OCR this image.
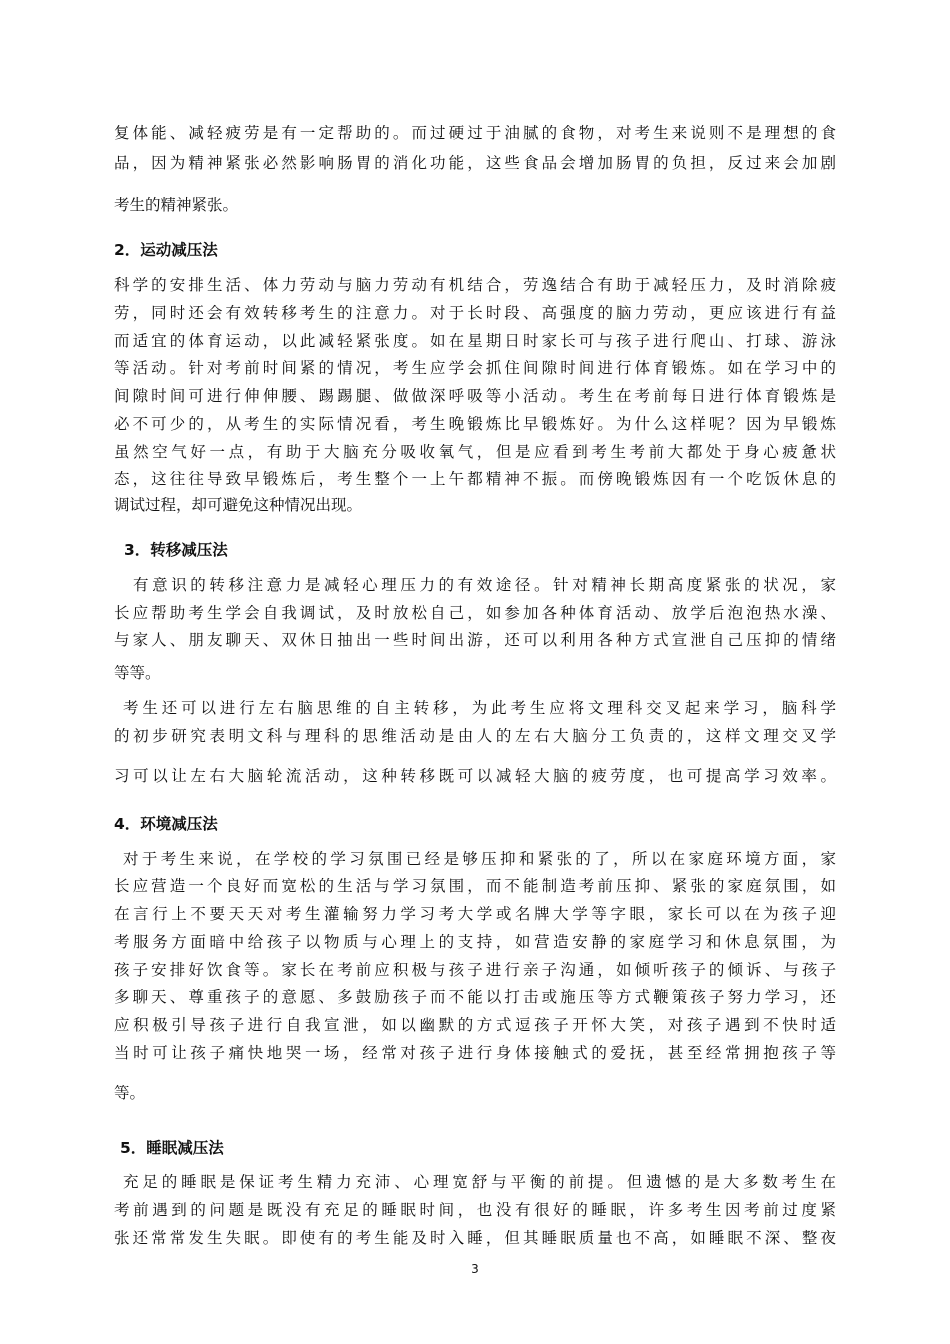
复体能、减轻疲劳是有一定帮助的。而过硬过于油腻的食物，对考生来说则不是理想的食
品，因为精神紧张必然影响肠胃的消化功能，这些食品会增加肠胃的负担，反过来会加剧
考生的精神紧张。
2．运动减压法
科学的安排生活、体力劳动与脑力劳动有机结合，劳逸结合有助于减轻压力，及时消除疲
劳，同时还会有效转移考生的注意力。对于长时段、高强度的脑力劳动，更应该进行有益
而适宜的体育运动，以此减轻紧张度。如在星期日时家长可与孩子进行爬山、打球、游泳
等活动。针对考前时间紧的情况，考生应学会抓住间隙时间进行体育锻炼。如在学习中的
间隙时间可进行伸伸腰、踢踢腿、做做深呼吸等小活动。考生在考前每日进行体育锻炼是
必不可少的，从考生的实际情况看，考生晚锻炼比早锻炼好。为什么这样呢？因为早锻炼
虽然空气好一点，有助于大脑充分吸收氧气，但是应看到考生考前大都处于身心疲惫状
态，这往往导致早锻炼后，考生整个一上午都精神不振。而傍晚锻炼因有一个吃饭休息的
调试过程，却可避免这种情况出现。
3．转移减压法
有意识的转移注意力是减轻心理压力的有效途径。针对精神长期高度紧张的状况，家
长应帮助考生学会自我调试，及时放松自己，如参加各种体育活动、放学后泡泡热水澡、
与家人、朋友聊天、双休日抽出一些时间出游，还可以利用各种方式宣泄自己压抑的情绪
等等。
考生还可以进行左右脑思维的自主转移，为此考生应将文理科交叉起来学习，脑科学
的初步研究表明文科与理科的思维活动是由人的左右大脑分工负责的，这样文理交叉学
习可以让左右大脑轮流活动，这种转移既可以减轻大脑的疲劳度，也可提高学习效率。
4．环境减压法
对于考生来说，在学校的学习氛围已经是够压抑和紧张的了，所以在家庭环境方面，家
长应营造一个良好而宽松的生活与学习氛围，而不能制造考前压抑、紧张的家庭氛围，如
在言行上不要天天对考生灌输努力学习考大学或名牌大学等字眼，家长可以在为孩子迎
考服务方面暗中给孩子以物质与心理上的支持，如营造安静的家庭学习和休息氛围，为
孩子安排好饮食等。家长在考前应积极与孩子进行亲子沟通，如倾听孩子的倾诉、与孩子
多聊天、尊重孩子的意愿、多鼓励孩子而不能以打击或施压等方式鞭策孩子努力学习，还
应积极引导孩子进行自我宣泄，如以幽默的方式逗孩子开怀大笑，对孩子遇到不快时适
当时可让孩子痛快地哭一场，经常对孩子进行身体接触式的爱抚，甚至经常拥抱孩子等
等。
5．睡眠减压法
充足的睡眠是保证考生精力充沛、心理宽舒与平衡的前提。但遗憾的是大多数考生在
考前遇到的问题是既没有充足的睡眠时间，也没有很好的睡眠，许多考生因考前过度紧
张还常常发生失眠。即使有的考生能及时入睡，但其睡眠质量也不高，如睡眠不深、整夜
3
